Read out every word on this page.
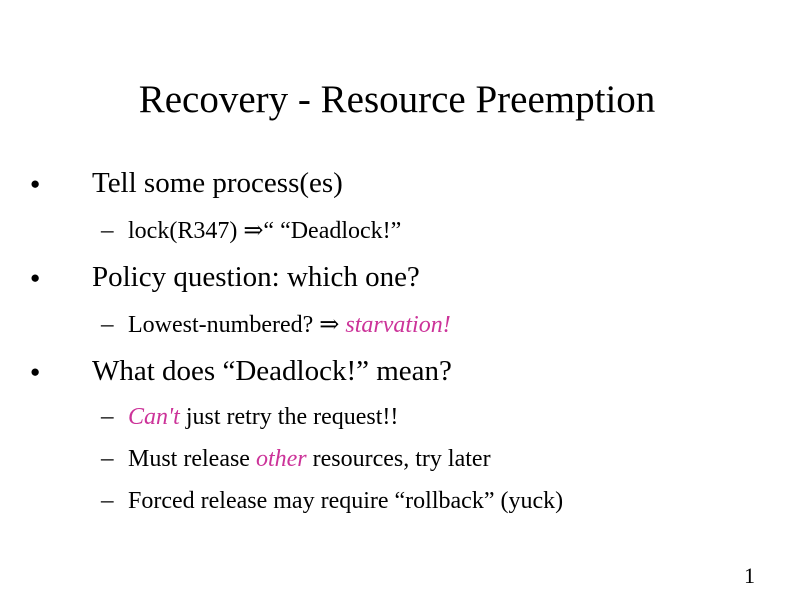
Recovery - Resource Preemption
● Tell some process(es)
– lock(R347) ⇒“ “Deadlock!”
● Policy question: which one?
– Lowest-numbered? ⇒ starvation!
● What does “Deadlock!” mean?
– Can't just retry the request!!
– Must release other resources, try later
– Forced release may require “rollback” (yuck)
1
